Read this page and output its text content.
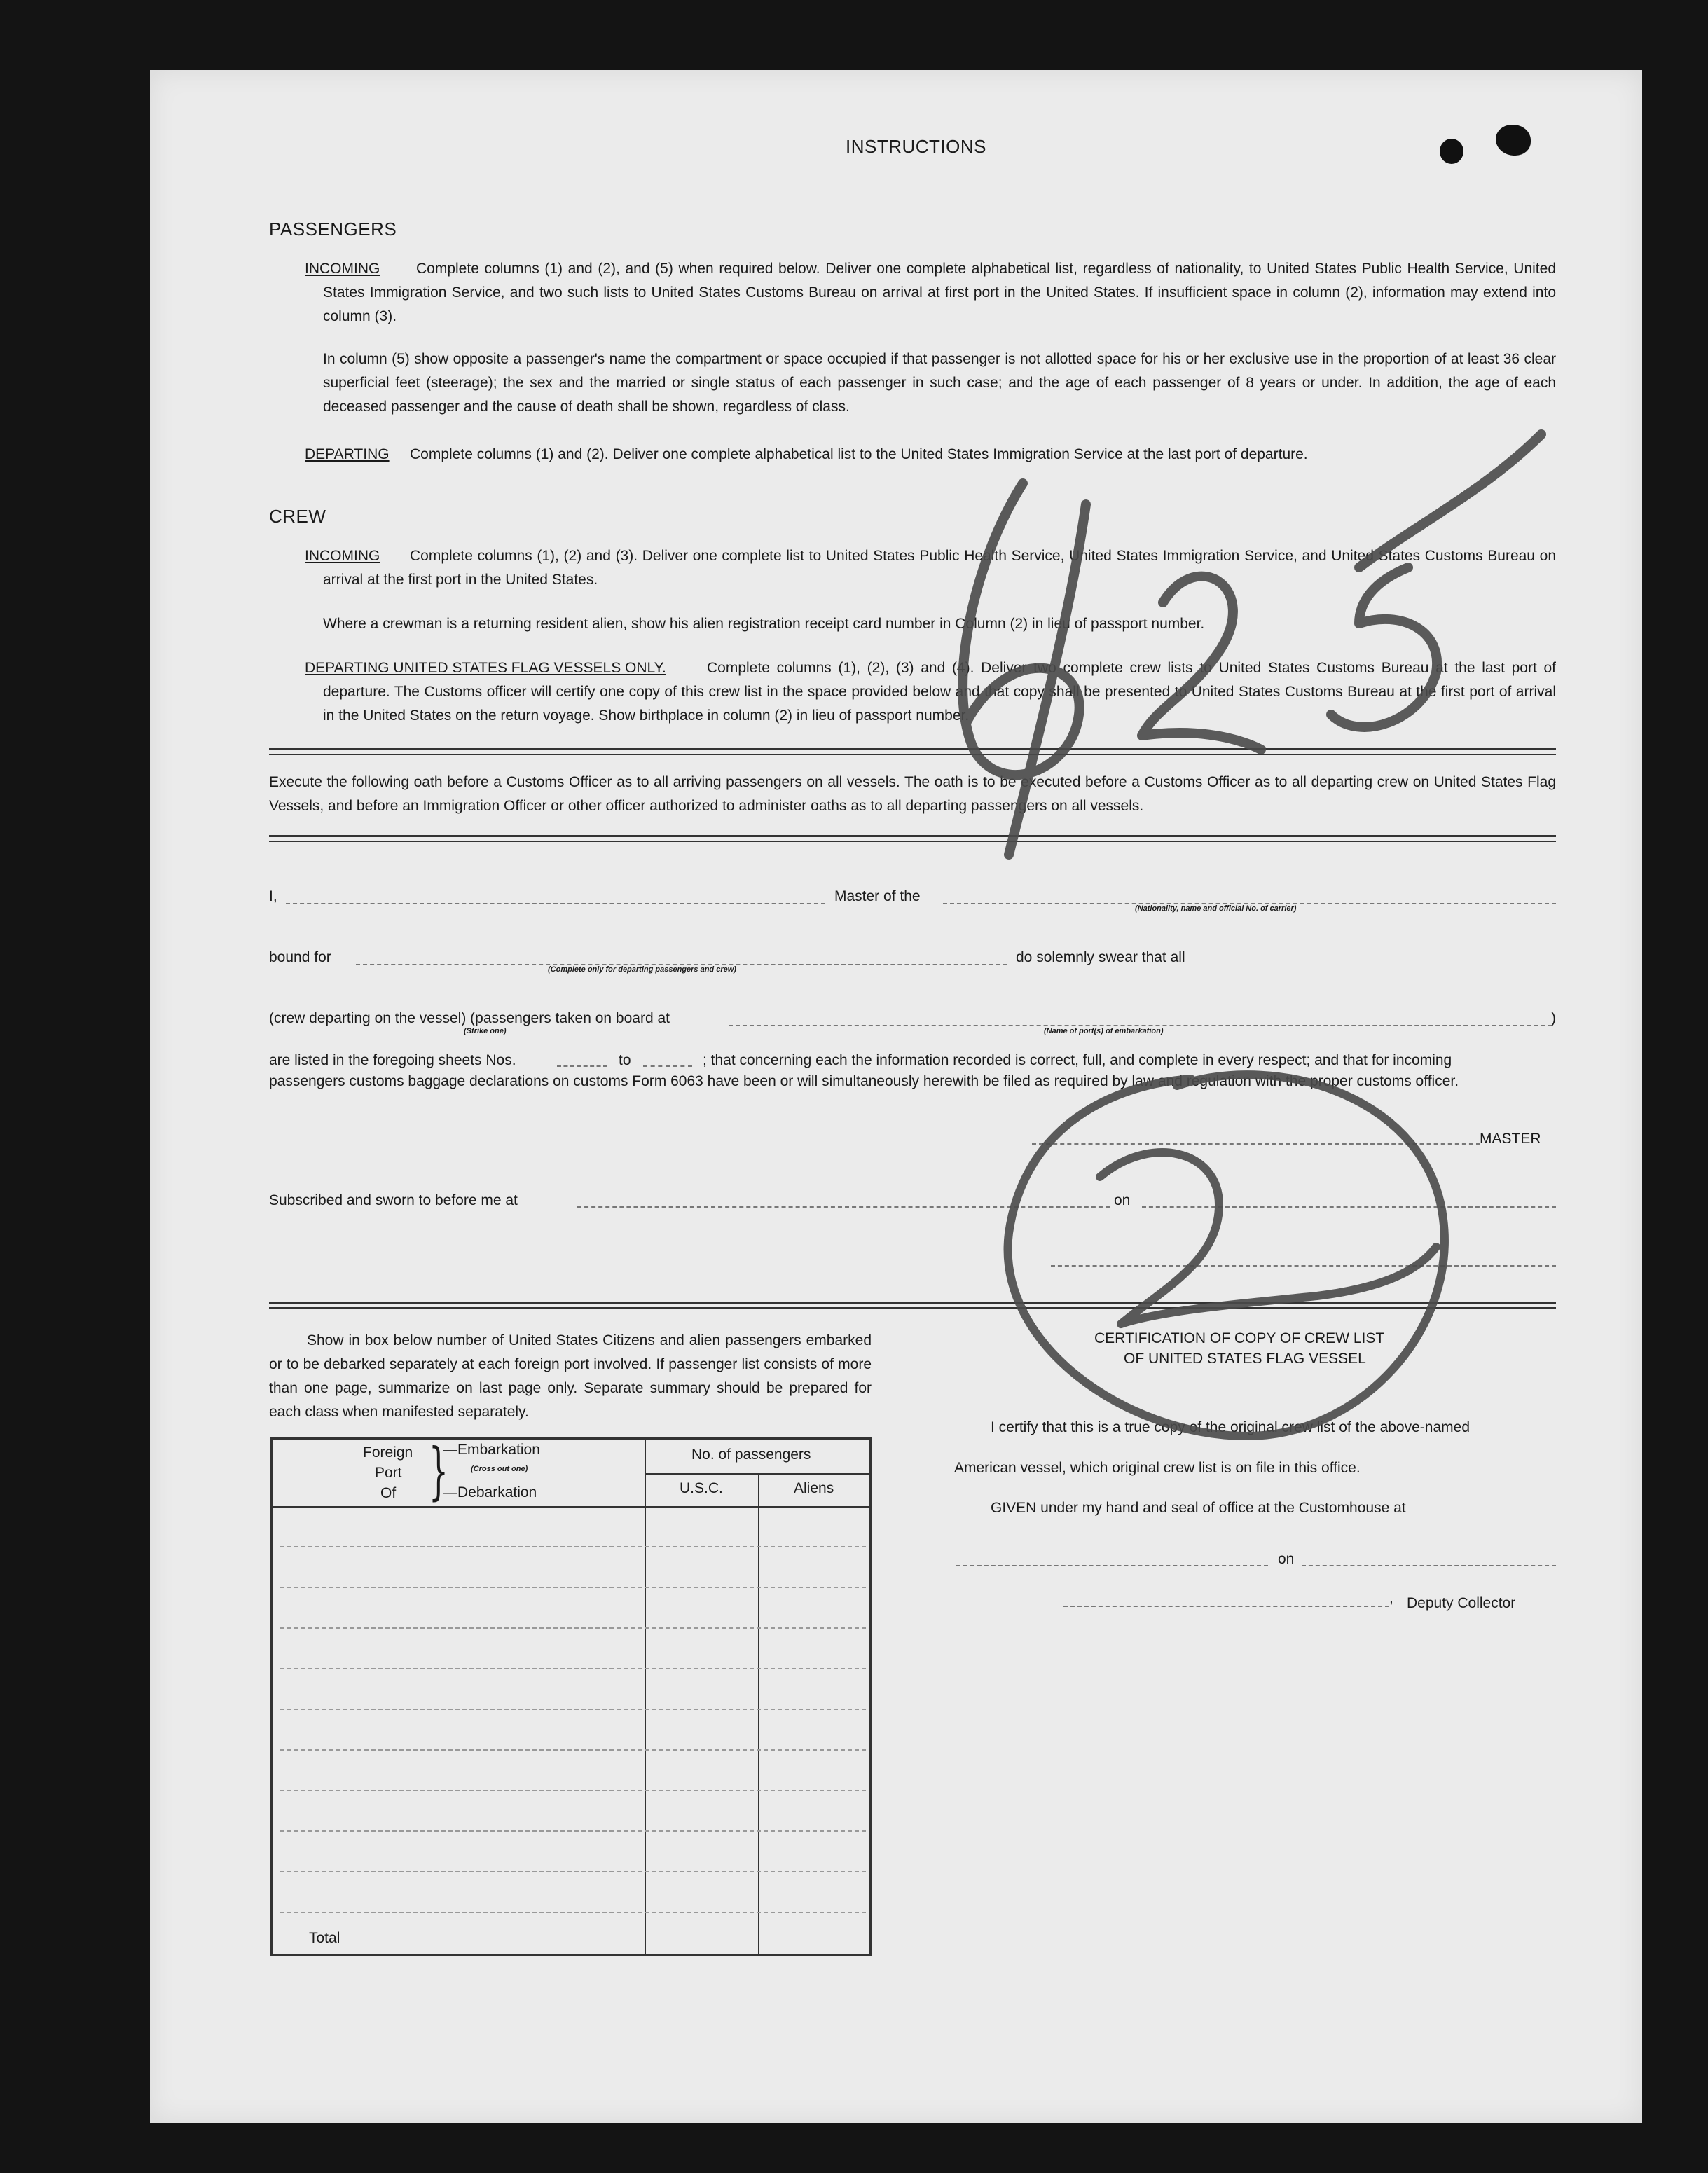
INSTRUCTIONS
PASSENGERS
INCOMING	Complete columns (1) and (2), and (5) when required below. Deliver one complete alphabetical list, regardless of nationality, to United States Public Health Service, United States Immigration Service, and two such lists to United States Customs Bureau on arrival at first port in the United States. If insufficient space in column (2), information may extend into column (3).
In column (5) show opposite a passenger's name the compartment or space occupied if that passenger is not allotted space for his or her exclusive use in the proportion of at least 36 clear superficial feet (steerage); the sex and the married or single status of each passenger in such case; and the age of each passenger of 8 years or under. In addition, the age of each deceased passenger and the cause of death shall be shown, regardless of class.
DEPARTING Complete columns (1) and (2). Deliver one complete alphabetical list to the United States Immigration Service at the last port of departure.
CREW
INCOMING	Complete columns (1), (2) and (3). Deliver one complete list to United States Public Health Service, United States Immigration Service, and United States Customs Bureau on arrival at the first port in the United States.
Where a crewman is a returning resident alien, show his alien registration receipt card number in Column (2) in lieu of passport number.
DEPARTING UNITED STATES FLAG VESSELS ONLY.	Complete columns (1), (2), (3) and (4). Deliver two complete crew lists to United States Customs Bureau at the last port of departure. The Customs officer will certify one copy of this crew list in the space provided below and that copy shall be presented to United States Customs Bureau at the first port of arrival in the United States on the return voyage. Show birthplace in column (2) in lieu of passport number.
Execute the following oath before a Customs Officer as to all arriving passengers on all vessels. The oath is to be executed before a Customs Officer as to all departing crew on United States Flag Vessels, and before an Immigration Officer or other officer authorized to administer oaths as to all departing passengers on all vessels.
I,	Master of the
(Nationality, name and official No. of carrier)
bound for
(Complete only for departing passengers and crew)
do solemnly swear that all
(crew departing on the vessel) (passengers taken on board at
(Strike one)
)
(Name of port(s) of embarkation)
are listed in the foregoing sheets Nos.	to	; that concerning each the information recorded is correct, full, and complete in every respect; and that for incoming
passengers customs baggage declarations on customs Form 6063 have been or will simultaneously herewith be filed as required by law and regulation with the proper customs officer.
MASTER
Subscribed and sworn to before me at	on
Show in box below number of United States Citizens and alien passengers embarked or to be debarked separately at each foreign port involved. If passenger list consists of more than one page, summarize on last page only. Separate summary should be prepared for each class when manifested separately.
Foreign
Port
Of }
—Embarkation
(Cross out one)
—Debarkation
No. of passengers
U.S.C.	Aliens
Total
CERTIFICATION OF COPY OF CREW LIST
OF UNITED STATES FLAG VESSEL
I certify that this is a true copy of the original crew list of the above-named
American vessel, which original crew list is on file in this office.
GIVEN under my hand and seal of office at the Customhouse at
on
, Deputy Collector
